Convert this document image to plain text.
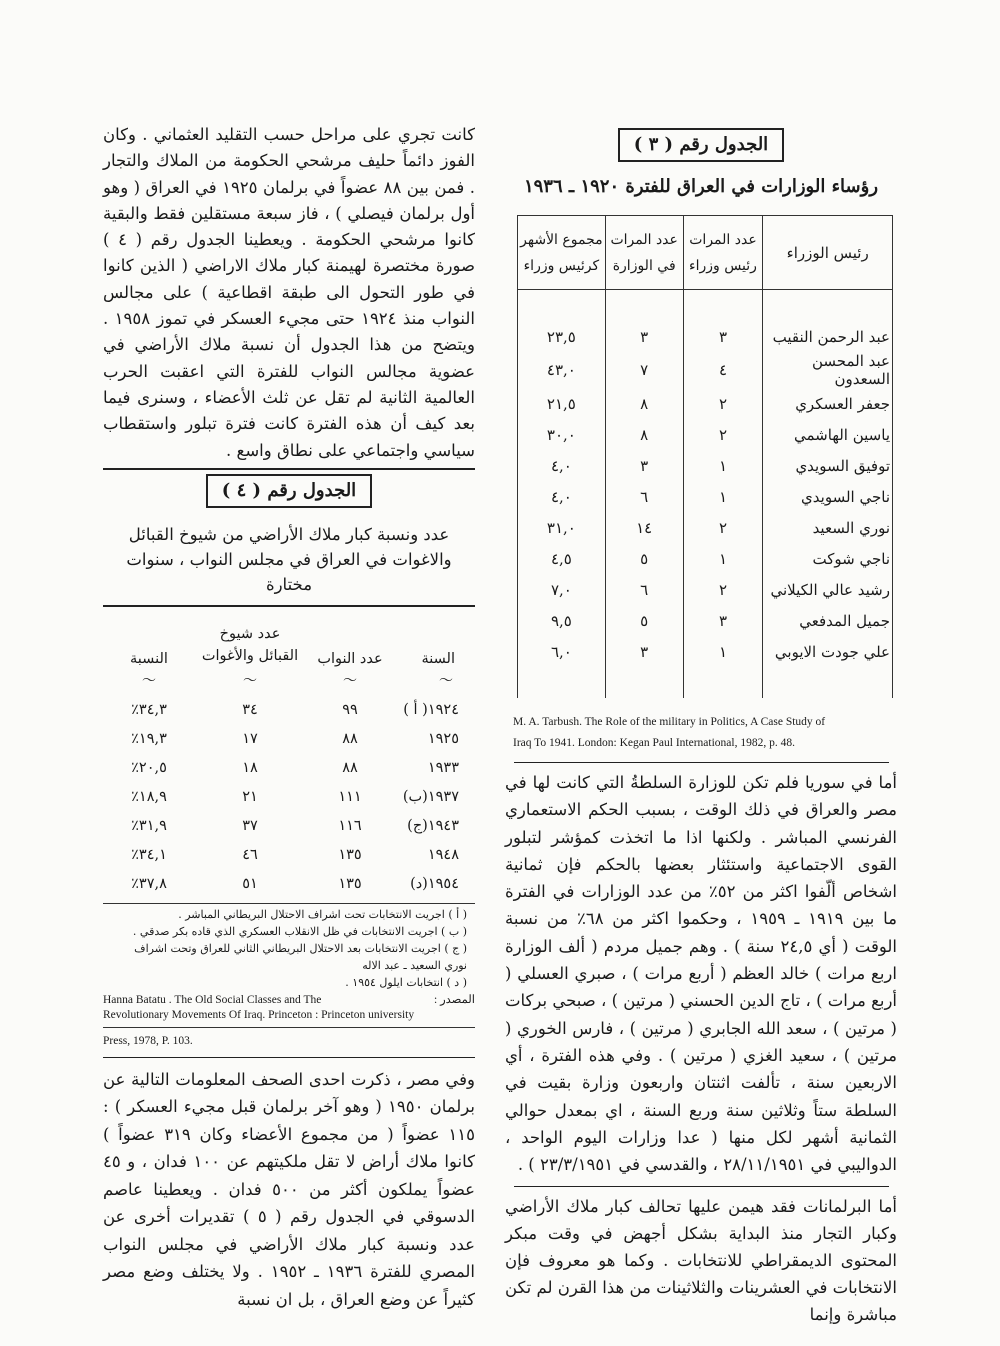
الجدول رقم ( ٣ )

رؤساء الوزارات في العراق للفترة ١٩٢٠ ـ ١٩٣٦

رئيس الوزراء	عدد المرات
رئيس وزراء	عدد المرات
في الوزارة	مجموع الأشهر
كرئيس وزراء

عبد الرحمن النقيب	٣	٣	٢٣,٥
عبد المحسن السعدون	٤	٧	٤٣,٠
جعفر العسكري	٢	٨	٢١,٥
ياسين الهاشمي	٢	٨	٣٠,٠
توفيق السويدي	١	٣	٤,٠
ناجي السويدي	١	٦	٤,٠
نوري السعيد	٢	١٤	٣١,٠
ناجي شوكت	١	٥	٤,٥
رشيد عالي الكيلاني	٢	٦	٧,٠
جميل المدفعي	٣	٥	٩,٥
علي جودت الايوبي	١	٣	٦,٠

M. A. Tarbush. The Role of the military in Politics, A Case Study of
Iraq To 1941. London: Kegan Paul International, 1982, p. 48.

أما في سوريا فلم تكن للوزارة السلطةُ التي كانت لها في مصر والعراق في ذلك الوقت ، بسبب الحكم الاستعماري الفرنسي المباشر . ولكنها اذا ما اتخذت كمؤشر لتبلور القوى الاجتماعية واستئثار بعضها بالحكم فإن ثمانية اشخاص ألّفوا اكثر من ٥٢٪ من عدد الوزارات في الفترة ما بين ١٩١٩ ـ ١٩٥٩ ، وحكموا اكثر من ٦٨٪ من نسبة الوقت ( أي ٢٤,٥ سنة ) . وهم جميل مردم ( ألف الوزارة اربع مرات ) خالد العظم ( أربع مرات ) ، صبري العسلي ( أربع مرات ) ، تاج الدين الحسني ( مرتين ) ، صبحي بركات ( مرتين ) ، سعد الله الجابري ( مرتين ) ، فارس الخوري ( مرتين ) ، سعيد الغزي ( مرتين ) . وفي هذه الفترة ، أي الاربعين سنة ، تألفت اثنتان واربعون وزارة بقيت في السلطة ستاً وثلاثين سنة وربع السنة ، اي بمعدل حوالي الثمانية أشهر لكل منها ( عدا وزارات اليوم الواحد ، الدواليبي في ٢٨/١١/١٩٥١ ، والقدسي في ٢٣/٣/١٩٥١ ) .

أما البرلمانات فقد هيمن عليها تحالف كبار ملاك الأراضي وكبار التجار منذ البداية بشكل أجهض في وقت مبكر المحتوى الديمقراطي للانتخابات . وكما هو معروف فإن الانتخابات في العشرينات والثلاثينات من هذا القرن لم تكن مباشرة وإنما

كانت تجري على مراحل حسب التقليد العثماني . وكان الفوز دائماً حليف مرشحي الحكومة من الملاك والتجار . فمن بين ٨٨ عضواً في برلمان ١٩٢٥ في العراق ( وهو أول برلمان فيصلي ) ، فاز سبعة مستقلين فقط والبقية كانوا مرشحي الحكومة . ويعطينا الجدول رقم ( ٤ ) صورة مختصرة لهيمنة كبار ملاك الاراضي ( الذين كانوا في طور التحول الى طبقة اقطاعية ) على مجالس النواب منذ ١٩٢٤ حتى مجيء العسكر في تموز ١٩٥٨ . ويتضح من هذا الجدول أن نسبة ملاك الأراضي في عضوية مجالس النواب للفترة التي اعقبت الحرب العالمية الثانية لم تقل عن ثلث الأعضاء ، وسنرى فيما بعد كيف أن هذه الفترة كانت فترة تبلور واستقطاب سياسي واجتماعي على نطاق واسع .

الجدول رقم ( ٤ )

عدد ونسبة كبار ملاك الأراضي من شيوخ القبائل

والاغوات في العراق في مجلس النواب ، سنوات مختارة

السنة	عدد النواب	عدد شيوخ
القبائل والأغوات	النسبة

〜	〜	〜	〜

١٩٢٤( أ )	٩٩	٣٤	٣٤,٣٪
١٩٢٥	٨٨	١٧	١٩,٣٪
١٩٣٣	٨٨	١٨	٢٠,٥٪
١٩٣٧(ب)	١١١	٢١	١٨,٩٪
١٩٤٣(ج)	١١٦	٣٧	٣١,٩٪
١٩٤٨	١٣٥	٤٦	٣٤,١٪
١٩٥٤(د)	١٣٥	٥١	٣٧,٨٪

( أ ) اجريت الانتخابات تحت اشراف الاحتلال البريطاني المباشر .

( ب ) اجريت الانتخابات في ظل الانقلاب العسكري الذي قاده بكر صدقي .

( ج ) اجريت الانتخابات بعد الاحتلال البريطاني الثاني للعراق وتحت اشراف

نوري السعيد ـ عبد الاله

( د ) انتخابات ايلول ١٩٥٤ .

Hanna Batatu . The Old Social Classes and The	المصدر :
Revolutionary Movements Of Iraq. Princeton : Princeton university
Press, 1978, P. 103.

وفي مصر ، ذكرت احدى الصحف المعلومات التالية عن برلمان ١٩٥٠ ( وهو آخر برلمان قبل مجيء العسكر ) : ١١٥ عضواً ( من مجموع الأعضاء وكان ٣١٩ عضواً ) كانوا ملاك أراض لا تقل ملكيتهم عن ١٠٠ فدان ، و ٤٥ عضواً يملكون أكثر من ٥٠٠ فدان . ويعطينا عاصم الدسوقي في الجدول رقم ( ٥ ) تقديرات أخرى عن عدد ونسبة كبار ملاك الأراضي في مجلس النواب المصري للفترة ١٩٣٦ ـ ١٩٥٢ . ولا يختلف وضع مصر كثيراً عن وضع العراق ، بل ان نسبة
